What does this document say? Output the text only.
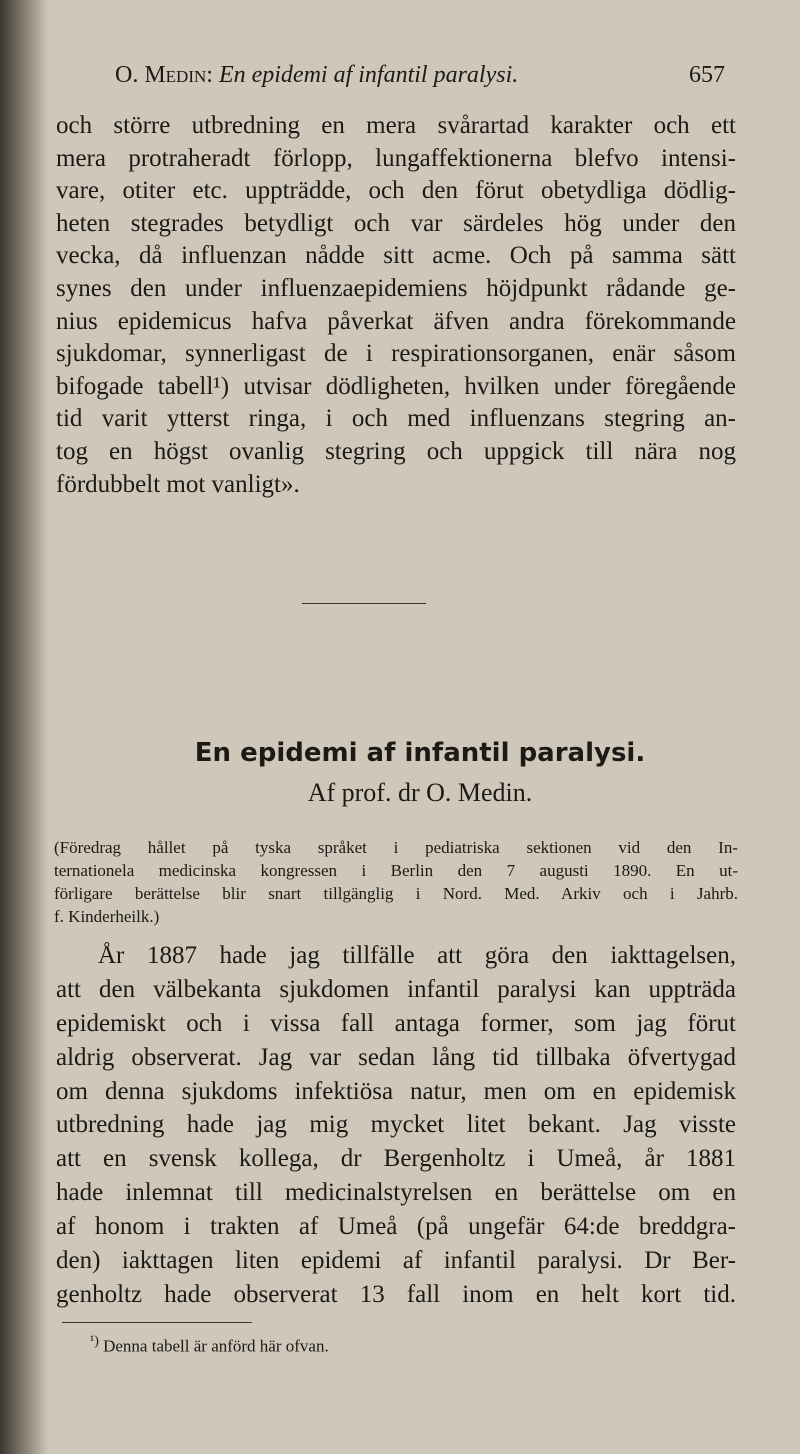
O. Medin: En epidemi af infantil paralysi.	657
och större utbredning en mera svårartad karakter och ett
mera protraheradt förlopp, lungaffektionerna blefvo intensi-
vare, otiter etc. uppträdde, och den förut obetydliga dödlig-
heten stegrades betydligt och var särdeles hög under den
vecka, då influenzan nådde sitt acme. Och på samma sätt
synes den under influenzaepidemiens höjdpunkt rådande ge-
nius epidemicus hafva påverkat äfven andra förekommande
sjukdomar, synnerligast de i respirationsorganen, enär såsom
bifogade tabell¹) utvisar dödligheten, hvilken under föregående
tid varit ytterst ringa, i och med influenzans stegring an-
tog en högst ovanlig stegring och uppgick till nära nog
fördubbelt mot vanligt».
En epidemi af infantil paralysi.
Af prof. dr O. Medin.
(Föredrag hållet på tyska språket i pediatriska sektionen vid den In-
ternationela medicinska kongressen i Berlin den 7 augusti 1890. En ut-
förligare berättelse blir snart tillgänglig i Nord. Med. Arkiv och i Jahrb.
f. Kinderheilk.)
År 1887 hade jag tillfälle att göra den iakttagelsen,
att den välbekanta sjukdomen infantil paralysi kan uppträda
epidemiskt och i vissa fall antaga former, som jag förut
aldrig observerat. Jag var sedan lång tid tillbaka öfvertygad
om denna sjukdoms infektiösa natur, men om en epidemisk
utbredning hade jag mig mycket litet bekant. Jag visste
att en svensk kollega, dr Bergenholtz i Umeå, år 1881
hade inlemnat till medicinalstyrelsen en berättelse om en
af honom i trakten af Umeå (på ungefär 64:de breddgra-
den) iakttagen liten epidemi af infantil paralysi. Dr Ber-
genholtz hade observerat 13 fall inom en helt kort tid.
$^{^1)}$ Denna tabell är anförd här ofvan.
